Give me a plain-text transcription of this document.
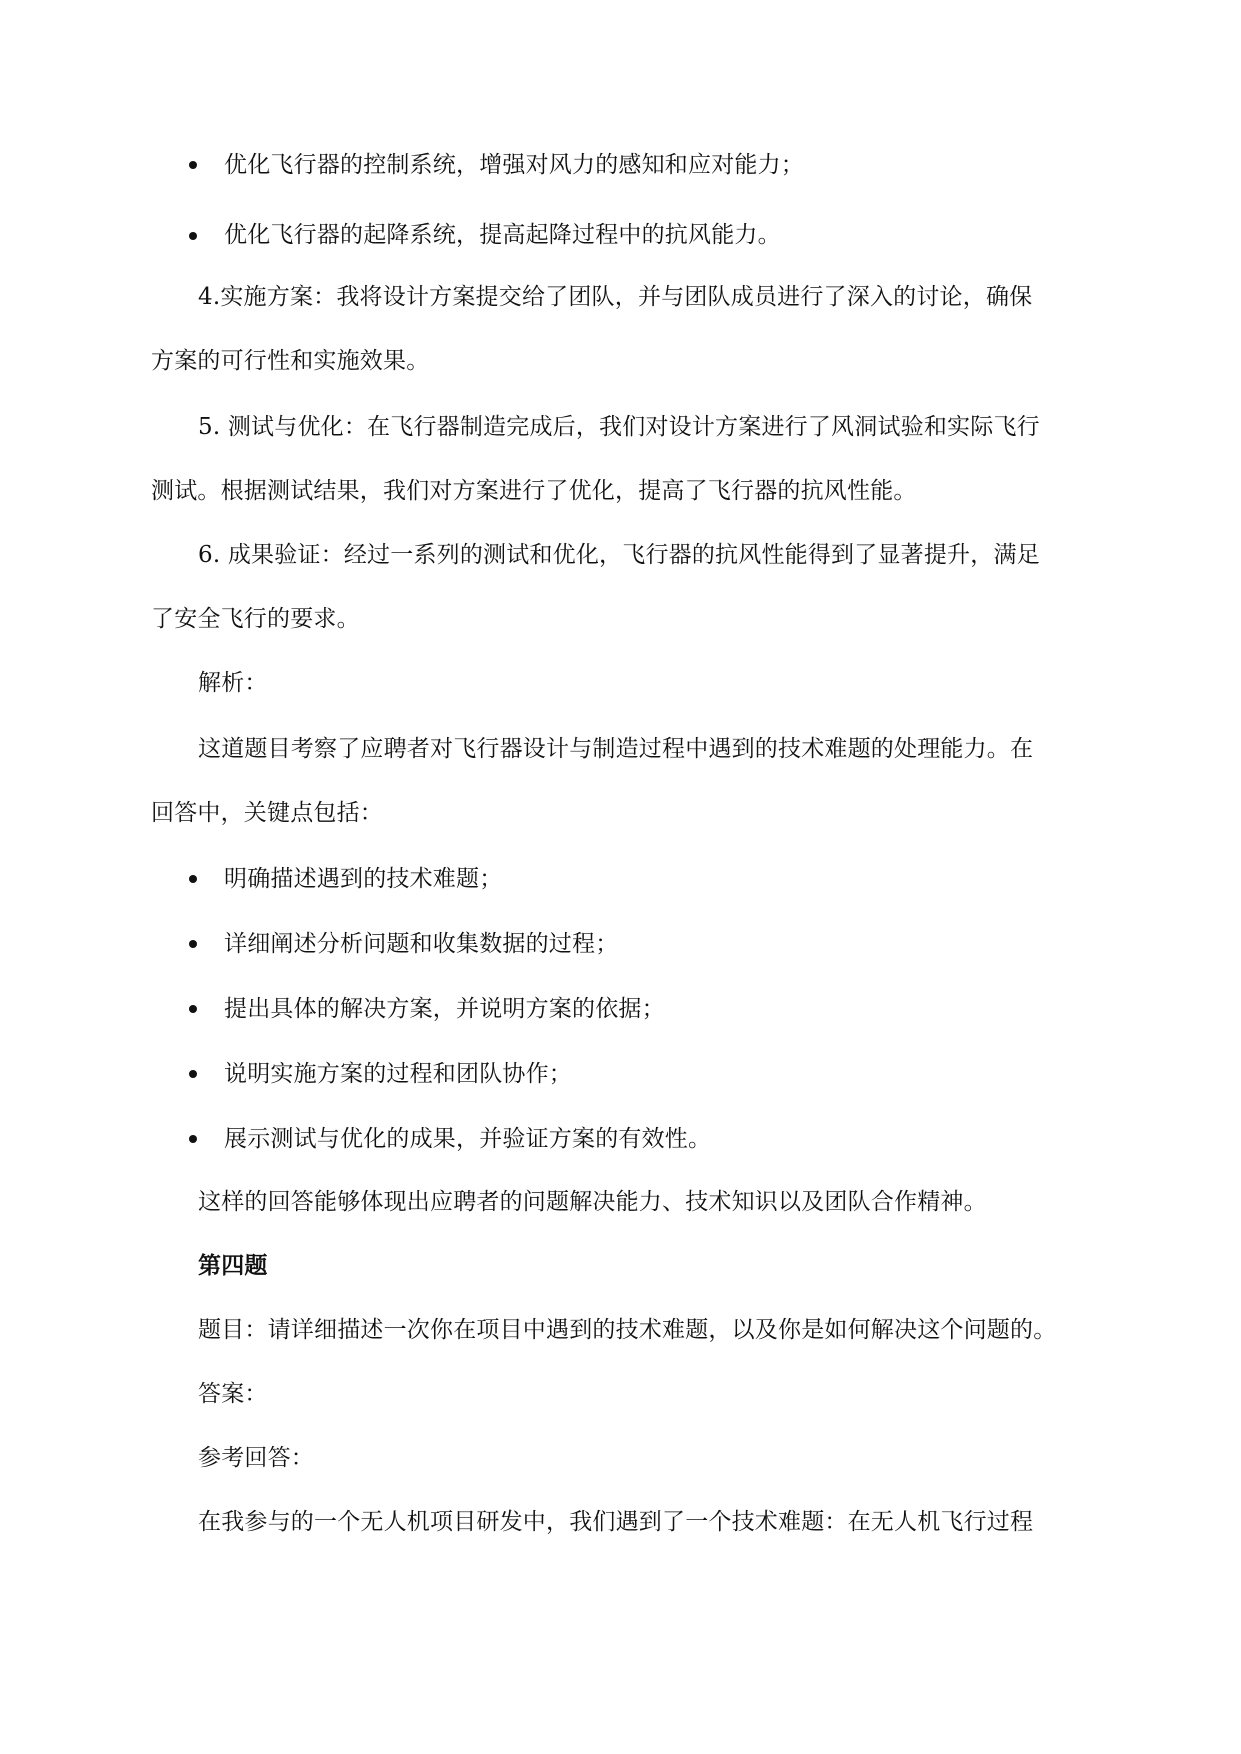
优化飞行器的控制系统，增强对风力的感知和应对能力；
优化飞行器的起降系统，提高起降过程中的抗风能力。
4.实施方案：我将设计方案提交给了团队，并与团队成员进行了深入的讨论，确保
方案的可行性和实施效果。
5. 测试与优化：在飞行器制造完成后，我们对设计方案进行了风洞试验和实际飞行
测试。根据测试结果，我们对方案进行了优化，提高了飞行器的抗风性能。
6. 成果验证：经过一系列的测试和优化，飞行器的抗风性能得到了显著提升，满足
了安全飞行的要求。
解析：
这道题目考察了应聘者对飞行器设计与制造过程中遇到的技术难题的处理能力。在
回答中，关键点包括：
明确描述遇到的技术难题；
详细阐述分析问题和收集数据的过程；
提出具体的解决方案，并说明方案的依据；
说明实施方案的过程和团队协作；
展示测试与优化的成果，并验证方案的有效性。
这样的回答能够体现出应聘者的问题解决能力、技术知识以及团队合作精神。
第四题
题目：请详细描述一次你在项目中遇到的技术难题，以及你是如何解决这个问题的。
答案：
参考回答：
在我参与的一个无人机项目研发中，我们遇到了一个技术难题：在无人机飞行过程
